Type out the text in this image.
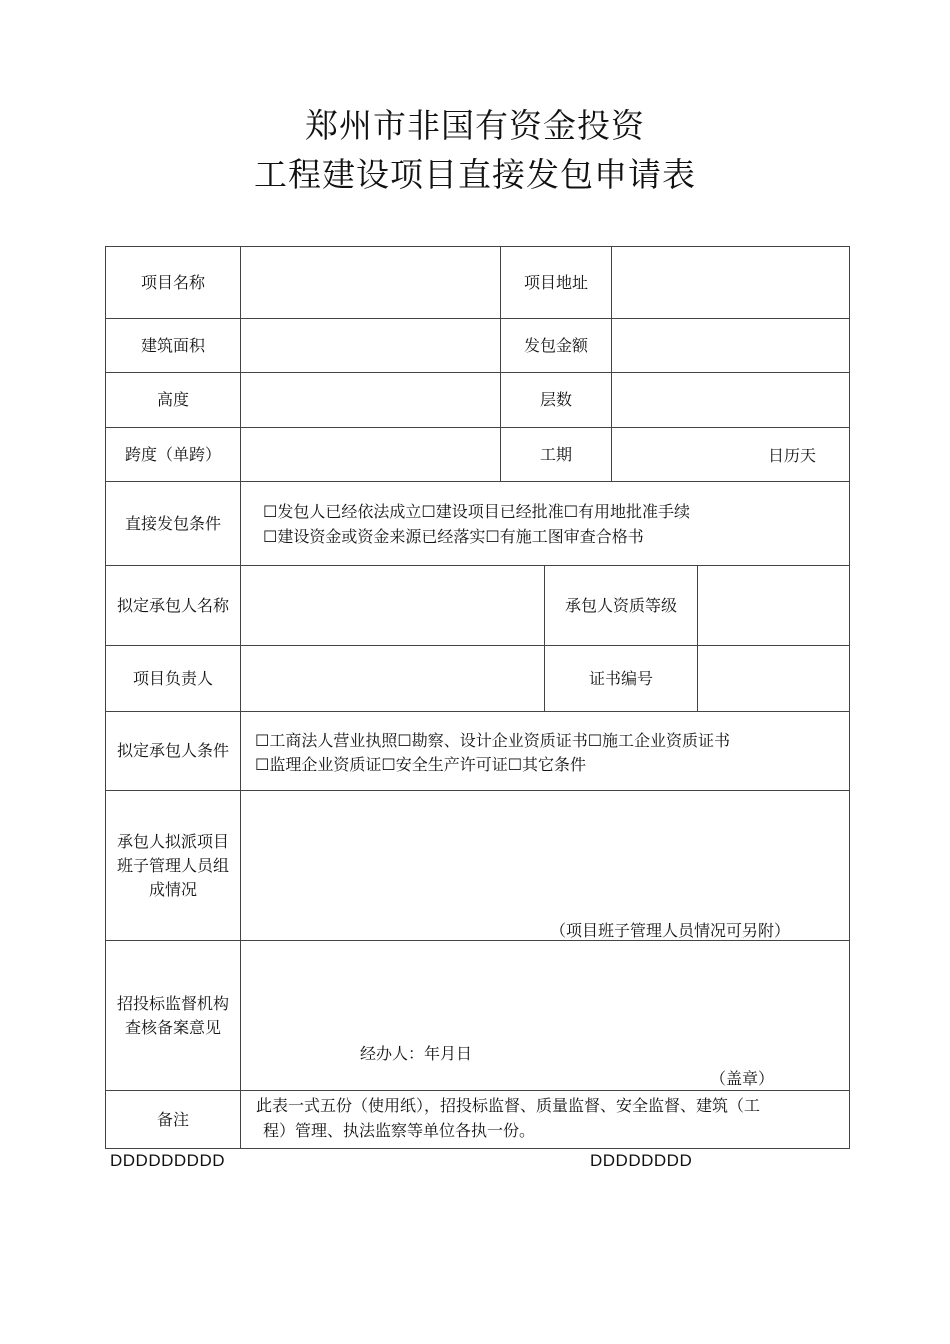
郑州市非国有资金投资
工程建设项目直接发包申请表
项目名称	项目地址
建筑面积	发包金额
高度	层数
跨度（单跨）	工期	日历天
直接发包条件
☐发包人已经依法成立☐建设项目已经批准☐有用地批准手续
☐建设资金或资金来源已经落实☐有施工图审查合格书
拟定承包人名称	承包人资质等级
项目负责人	证书编号
拟定承包人条件
☐工商法人营业执照☐勘察、设计企业资质证书☐施工企业资质证书
☐监理企业资质证☐安全生产许可证☐其它条件
承包人拟派项目班子管理人员组成情况
（项目班子管理人员情况可另附）
招投标监督机构查核备案意见
经办人：年月日
（盖章）
备注
此表一式五份（使用纸），招投标监督、质量监督、安全监督、建筑（工
程）管理、执法监察等单位各执一份。
DDDDDDDDD	DDDDDDDD
